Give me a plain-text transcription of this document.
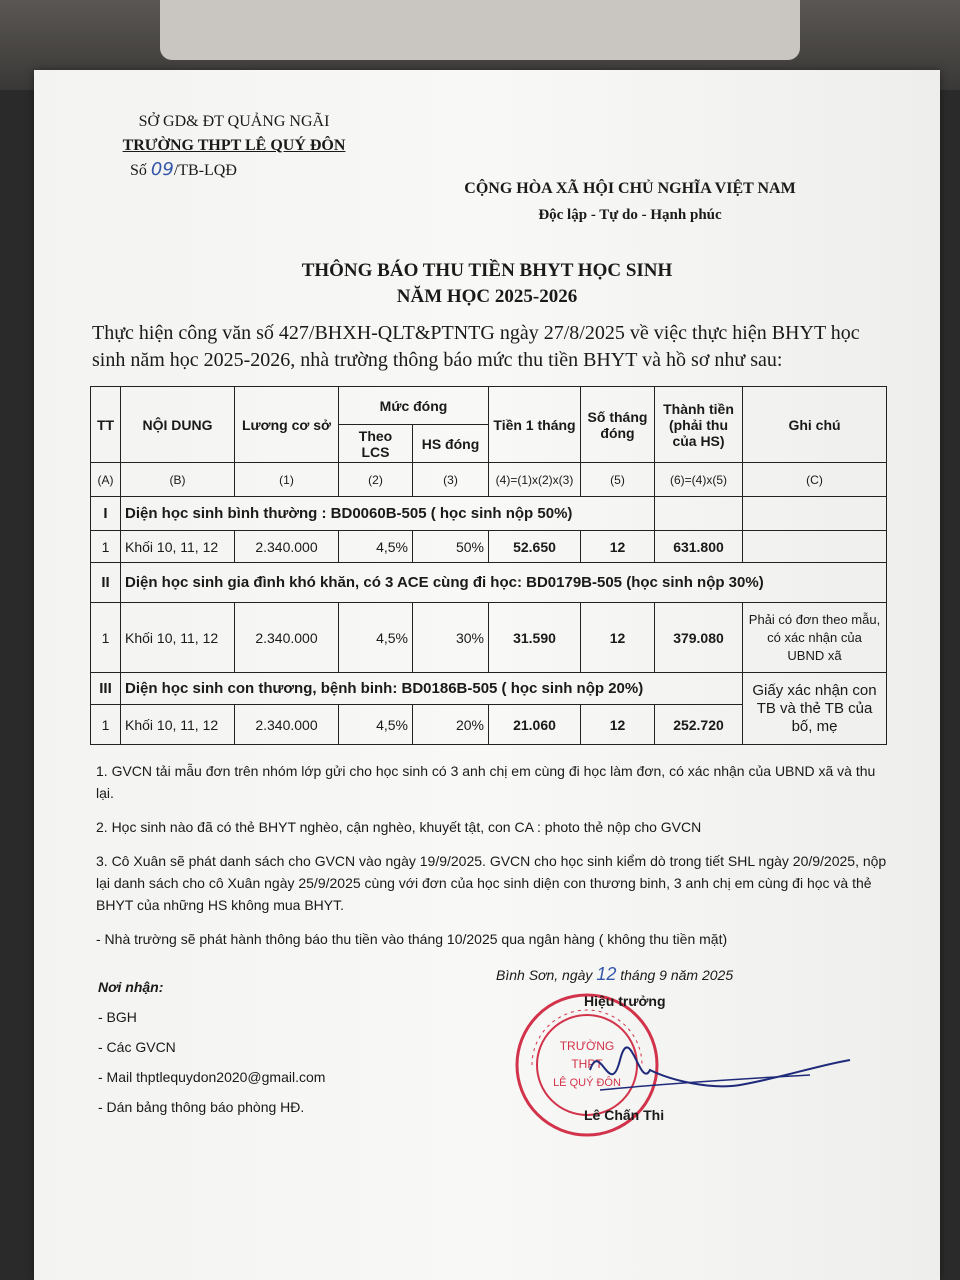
SỞ GD& ĐT QUẢNG NGÃI
TRƯỜNG THPT LÊ QUÝ ĐÔN
Số 09/TB-LQĐ
CỘNG HÒA XÃ HỘI CHỦ NGHĨA VIỆT NAM
Độc lập - Tự do - Hạnh phúc
THÔNG BÁO THU TIỀN BHYT HỌC SINH
NĂM HỌC 2025-2026
Thực hiện công văn số 427/BHXH-QLT&PTNTG ngày 27/8/2025 về việc thực hiện BHYT học sinh năm học 2025-2026, nhà trường thông báo mức thu tiền BHYT và hồ sơ như sau:
TT	NỘI DUNG	Lương cơ sở	Mức đóng		Tiền 1 tháng	Số tháng đóng	Thành tiền (phải thu của HS)	Ghi chú
			Theo LCS	HS đóng				
(A)	(B)	(1)	(2)	(3)	(4)=(1)x(2)x(3)	(5)	(6)=(4)x(5)	(C)
I	Diện học sinh bình thường : BD0060B-505 ( học sinh nộp 50%)							
1	Khối 10, 11, 12	2.340.000	4,5%	50%	52.650	12	631.800	
II	Diện học sinh gia đình khó khăn, có 3 ACE cùng đi học: BD0179B-505 (học sinh nộp 30%)							
1	Khối 10, 11, 12	2.340.000	4,5%	30%	31.590	12	379.080	Phải có đơn theo mẫu, có xác nhận của UBND xã
III	Diện học sinh con thương, bệnh binh: BD0186B-505 ( học sinh nộp 20%)							Giấy xác nhận con TB và thẻ TB của bố, mẹ
1	Khối 10, 11, 12	2.340.000	4,5%	20%	21.060	12	252.720	

1. GVCN tải mẫu đơn trên nhóm lớp gửi cho học sinh có 3 anh chị em cùng đi học làm đơn, có xác nhận của UBND xã và thu lại.

2. Học sinh nào đã có thẻ BHYT nghèo, cận nghèo, khuyết tật, con CA : photo thẻ nộp cho GVCN

3. Cô Xuân sẽ phát danh sách cho GVCN vào ngày 19/9/2025. GVCN cho học sinh kiểm dò trong tiết SHL ngày 20/9/2025, nộp lại danh sách cho cô Xuân ngày 25/9/2025 cùng với đơn của học sinh diện con thương binh, 3 anh chị em cùng đi học và thẻ BHYT của những HS không mua BHYT.

- Nhà trường sẽ phát hành thông báo thu tiền vào tháng 10/2025 qua ngân hàng ( không thu tiền mặt)

Nơi nhận:
- BGH
- Các GVCN
- Mail thptlequydon2020@gmail.com
- Dán bảng thông báo phòng HĐ.
Bình Sơn, ngày 12 tháng 9 năm 2025
TRƯỜNG
THPT
LÊ QUÝ ĐÔN
Hiệu trưởng
Lê Chấn Thi
